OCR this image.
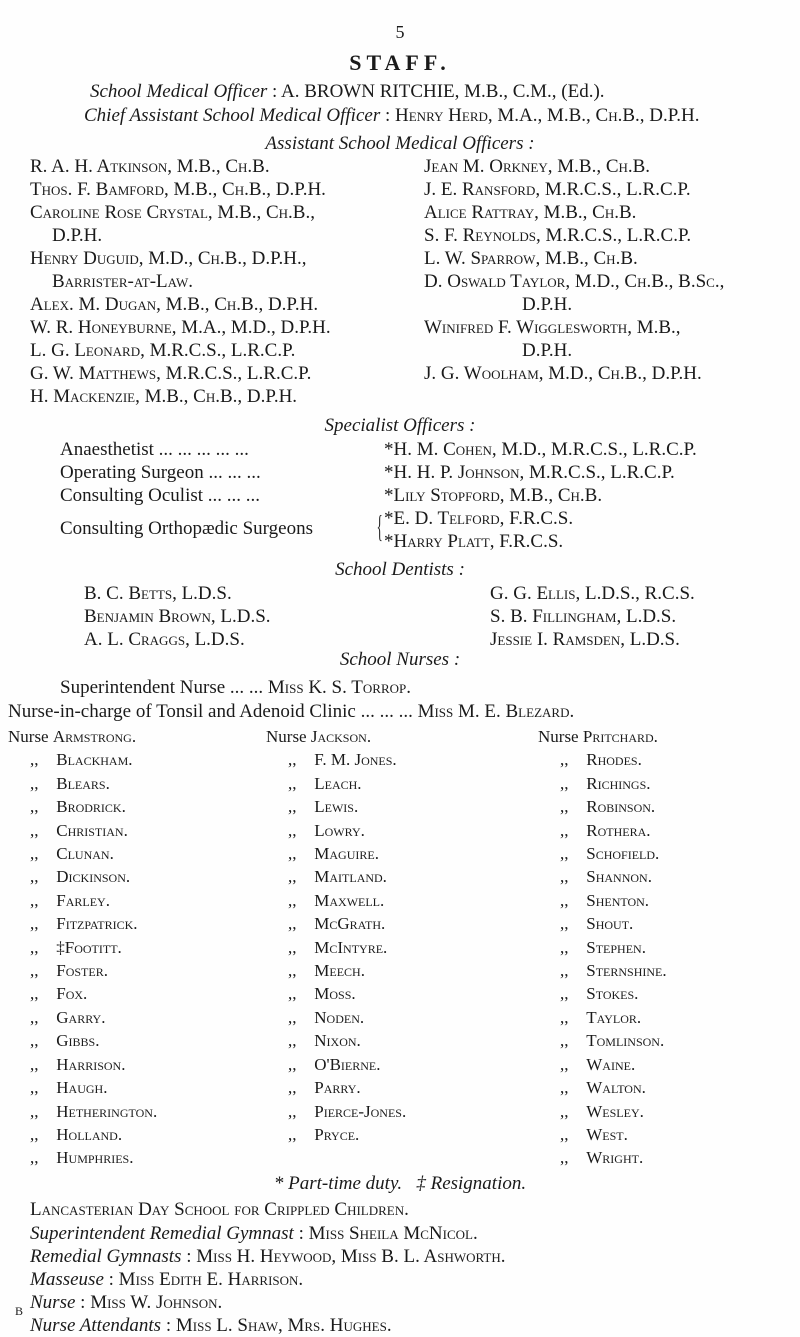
5
STAFF.
School Medical Officer : A. BROWN RITCHIE, M.B., C.M., (Ed.).
Chief Assistant School Medical Officer : Henry Herd, M.A., M.B., Ch.B., D.P.H.
Assistant School Medical Officers :
R. A. H. Atkinson, M.B., Ch.B.
Thos. F. Bamford, M.B., Ch.B., D.P.H.
Caroline Rose Crystal, M.B., Ch.B.,
D.P.H.
Henry Duguid, M.D., Ch.B., D.P.H.,
Barrister-at-Law.
Alex. M. Dugan, M.B., Ch.B., D.P.H.
W. R. Honeyburne, M.A., M.D., D.P.H.
L. G. Leonard, M.R.C.S., L.R.C.P.
G. W. Matthews, M.R.C.S., L.R.C.P.
H. Mackenzie, M.B., Ch.B., D.P.H.
Jean M. Orkney, M.B., Ch.B.
J. E. Ransford, M.R.C.S., L.R.C.P.
Alice Rattray, M.B., Ch.B.
S. F. Reynolds, M.R.C.S., L.R.C.P.
L. W. Sparrow, M.B., Ch.B.
D. Oswald Taylor, M.D., Ch.B., B.Sc.,
D.P.H.
Winifred F. Wigglesworth, M.B.,
D.P.H.
J. G. Woolham, M.D., Ch.B., D.P.H.
Specialist Officers :
Anaesthetist ... ... ... ... ...
Operating Surgeon ... ... ...
Consulting Oculist ... ... ...
Consulting Orthopædic Surgeons {
*H. M. Cohen, M.D., M.R.C.S., L.R.C.P.
*H. H. P. Johnson, M.R.C.S., L.R.C.P.
*Lily Stopford, M.B., Ch.B.
*E. D. Telford, F.R.C.S.
*Harry Platt, F.R.C.S.
School Dentists :
B. C. Betts, L.D.S.
Benjamin Brown, L.D.S.
A. L. Craggs, L.D.S.
G. G. Ellis, L.D.S., R.C.S.
S. B. Fillingham, L.D.S.
Jessie I. Ramsden, L.D.S.
School Nurses :
Superintendent Nurse ... ... Miss K. S. Torrop.
Nurse-in-charge of Tonsil and Adenoid Clinic ... ... ... Miss M. E. Blezard.
Nurse Armstrong.
,, Blackham.
,, Blears.
,, Brodrick.
,, Christian.
,, Clunan.
,, Dickinson.
,, Farley.
,, Fitzpatrick.
,, ‡Footitt.
,, Foster.
,, Fox.
,, Garry.
,, Gibbs.
,, Harrison.
,, Haugh.
,, Hetherington.
,, Holland.
,, Humphries.
Nurse Jackson.
,, F. M. Jones.
,, Leach.
,, Lewis.
,, Lowry.
,, Maguire.
,, Maitland.
,, Maxwell.
,, McGrath.
,, McIntyre.
,, Meech.
,, Moss.
,, Noden.
,, Nixon.
,, O'Bierne.
,, Parry.
,, Pierce-Jones.
,, Pryce.
Nurse Pritchard.
,, Rhodes.
,, Richings.
,, Robinson.
,, Rothera.
,, Schofield.
,, Shannon.
,, Shenton.
,, Shout.
,, Stephen.
,, Sternshine.
,, Stokes.
,, Taylor.
,, Tomlinson.
,, Waine.
,, Walton.
,, Wesley.
,, West.
,, Wright.
* Part-time duty.   ‡ Resignation.
Lancasterian Day School for Crippled Children.
Superintendent Remedial Gymnast : Miss Sheila McNicol.
Remedial Gymnasts : Miss H. Heywood, Miss B. L. Ashworth.
Masseuse : Miss Edith E. Harrison.
Nurse : Miss W. Johnson.
Nurse Attendants : Miss L. Shaw, Mrs. Hughes.
B
